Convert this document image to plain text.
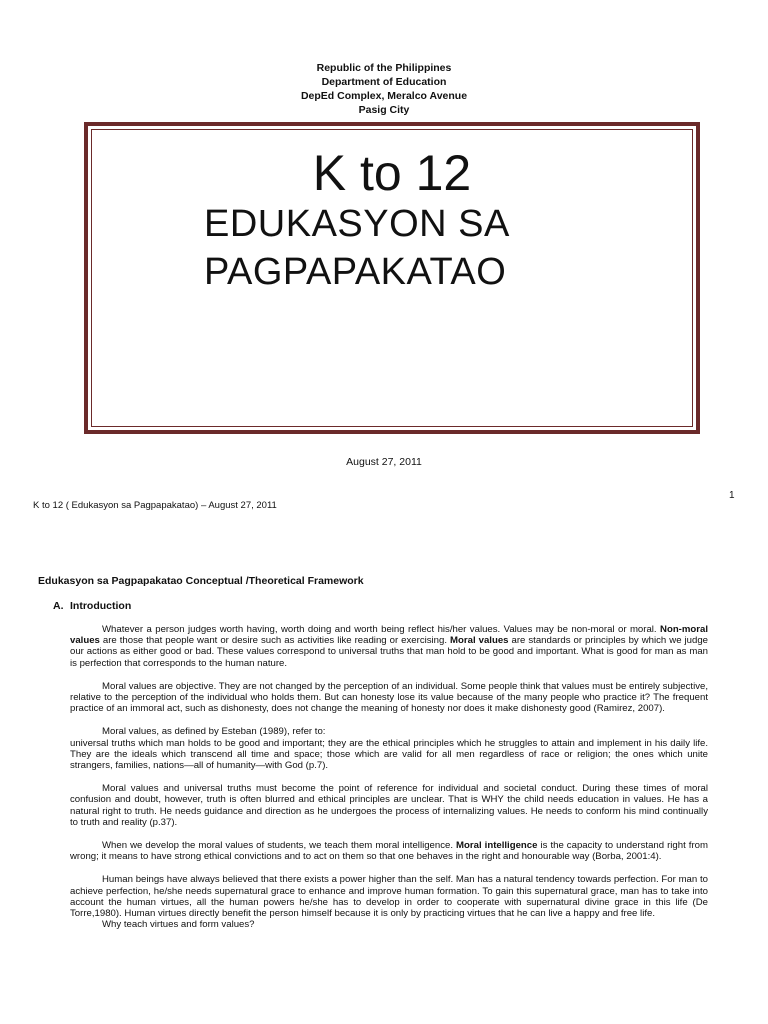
Republic of the Philippines
Department of Education
DepEd Complex, Meralco Avenue
Pasig City
K to 12
EDUKASYON SA
PAGPAPAKATAO
August 27, 2011
1
K to 12 ( Edukasyon sa Pagpapakatao) – August 27, 2011
Edukasyon sa Pagpapakatao Conceptual /Theoretical Framework
A. Introduction

Whatever a person judges worth having, worth doing and worth being reflect his/her values. Values may be non-moral or moral. Non-moral values are those that people want or desire such as activities like reading or exercising. Moral values are standards or principles by which we judge our actions as either good or bad. These values correspond to universal truths that man hold to be good and important. What is good for man as man is perfection that corresponds to the human nature.

Moral values are objective. They are not changed by the perception of an individual. Some people think that values must be entirely subjective, relative to the perception of the individual who holds them. But can honesty lose its value because of the many people who practice it? The frequent practice of an immoral act, such as dishonesty, does not change the meaning of honesty nor does it make dishonesty good (Ramirez, 2007).

Moral values, as defined by Esteban (1989), refer to:

universal truths which man holds to be good and important; they are the ethical principles which he struggles to attain and implement in his daily life. They are the ideals which transcend all time and space; those which are valid for all men regardless of race or religion; the ones which unite strangers, families, nations—all of humanity—with God (p.7).

Moral values and universal truths must become the point of reference for individual and societal conduct. During these times of moral confusion and doubt, however, truth is often blurred and ethical principles are unclear. That is WHY the child needs education in values. He has a natural right to truth. He needs guidance and direction as he undergoes the process of internalizing values. He needs to conform his mind continually to truth and reality (p.37).

When we develop the moral values of students, we teach them moral intelligence. Moral intelligence is the capacity to understand right from wrong; it means to have strong ethical convictions and to act on them so that one behaves in the right and honourable way (Borba, 2001:4).

Human beings have always believed that there exists a power higher than the self. Man has a natural tendency towards perfection. For man to achieve perfection, he/she needs supernatural grace to enhance and improve human formation. To gain this supernatural grace, man has to take into account the human virtues, all the human powers he/she has to develop in order to cooperate with supernatural divine grace in this life (De Torre,1980). Human virtues directly benefit the person himself because it is only by practicing virtues that he can live a happy and free life.

Why teach virtues and form values?
